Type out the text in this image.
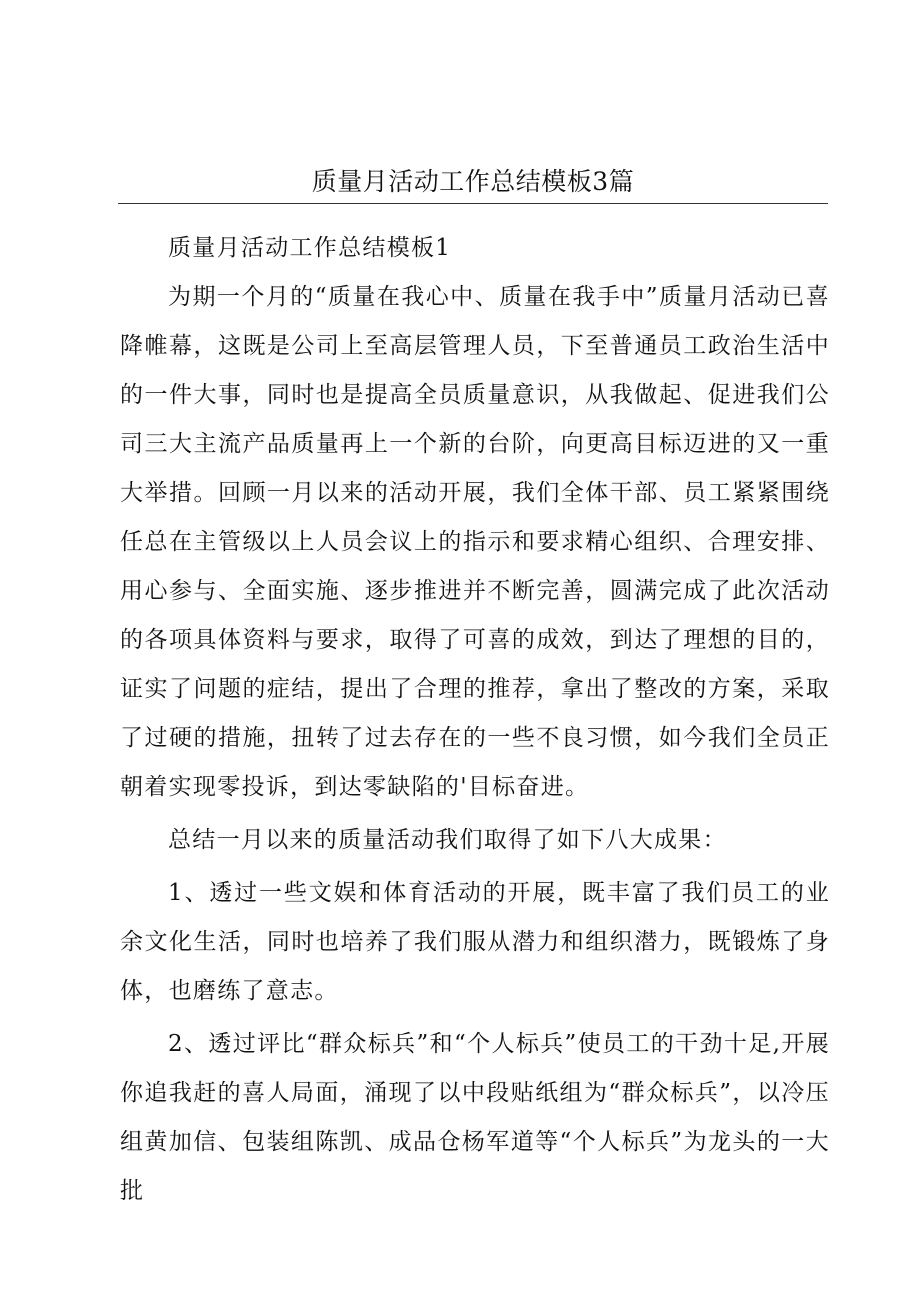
质量月活动工作总结模板3篇

质量月活动工作总结模板1

为期一个月的“质量在我心中、质量在我手中”质量月活动已喜降帷幕，这既是公司上至高层管理人员，下至普通员工政治生活中的一件大事，同时也是提高全员质量意识，从我做起、促进我们公司三大主流产品质量再上一个新的台阶，向更高目标迈进的又一重大举措。回顾一月以来的活动开展，我们全体干部、员工紧紧围绕任总在主管级以上人员会议上的指示和要求精心组织、合理安排、用心参与、全面实施、逐步推进并不断完善，圆满完成了此次活动的各项具体资料与要求，取得了可喜的成效，到达了理想的目的，证实了问题的症结，提出了合理的推荐，拿出了整改的方案，采取了过硬的措施，扭转了过去存在的一些不良习惯，如今我们全员正朝着实现零投诉，到达零缺陷的'目标奋进。

总结一月以来的质量活动我们取得了如下八大成果：

1、透过一些文娱和体育活动的开展，既丰富了我们员工的业余文化生活，同时也培养了我们服从潜力和组织潜力，既锻炼了身体，也磨练了意志。

2、透过评比“群众标兵”和“个人标兵”使员工的干劲十足,开展你追我赶的喜人局面，涌现了以中段贴纸组为“群众标兵”，以冷压组黄加信、包装组陈凯、成品仓杨军道等“个人标兵”为龙头的一大批
